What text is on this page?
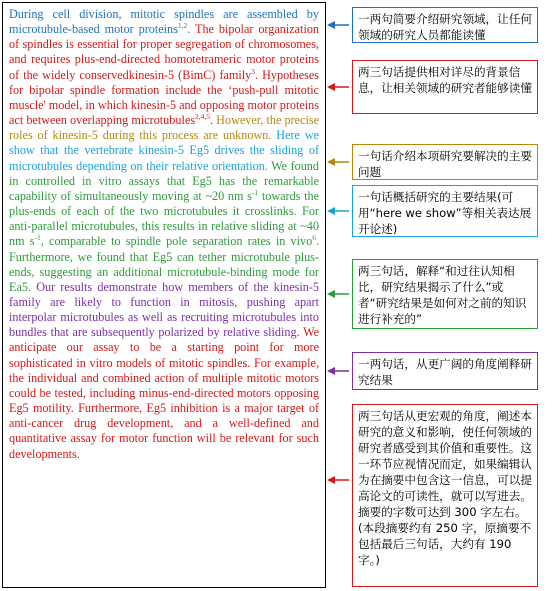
During cell division, mitotic spindles are assembled by microtubule-based motor proteins$^{1,2}$. The bipolar organization of spindles is essential for proper segregation of chromosomes, and requires plus-end-directed homotetrameric motor proteins of the widely conservedkinesin-5 (BimC) family$^3$. Hypotheses for bipolar spindle formation include the ‘push-pull mitotic muscle' model, in which kinesin-5 and opposing motor proteins act between overlapping microtubules$^{2,4,5}$. However, the precise roles of kinesin-5 during this process are unknown. Here we show that the vertebrate kinesin-5 Eg5 drives the sliding of microtubules depending on their relative orientation. We found in controlled in vitro assays that Eg5 has the remarkable capability of simultaneously moving at ~20 nm $s^{-1}$ towards the plus-ends of each of the two microtubules it crosslinks. For anti-parallel microtubules, this results in relative sliding at ~40 nm $s^{-1}$, comparable to spindle pole separation rates in vivo$^6$. Furthermore, we found that Eg5 can tether microtubule plus-ends, suggesting an additional microtubule-binding mode for Ea5. Our results demonstrate how members of the kinesin-5 family are likely to function in mitosis, pushing apart interpolar microtubules as well as recruiting microtubules into bundles that are subsequently polarized by relative sliding. We anticipate our assay to be a starting point for more sophisticated in vitro models of mitotic spindles. For example, the individual and combined action of multiple mitotic motors could be tested, including minus-end-directed motors opposing Eg5 motility. Furthermore, Eg5 inhibition is a major target of anti-cancer drug development, and a well-defined and quantitative assay for motor function will be relevant for such developments.
一两句简要介绍研究领域，让任何领域的研究人员都能读懂
两三句话提供相对详尽的背景信息，让相关领域的研究者能够读懂
一句话介绍本项研究要解决的主要问题
一句话概括研究的主要结果(可用“here we show”等相关表达展开论述)
两三句话，解释“和过往认知相比，研究结果揭示了什么”或者“研究结果是如何对之前的知识进行补充的”
一两句话，从更广阔的角度阐释研究结果
两三句话从更宏观的角度，阐述本研究的意义和影响，使任何领域的研究者感受到其价值和重要性。这一环节应视情况而定，如果编辑认为在摘要中包含这一信息，可以提高论文的可读性，就可以写进去。摘要的字数可达到 300 字左右。(本段摘要约有 250 字，原摘要不包括最后三句话，大约有 190 字。)
